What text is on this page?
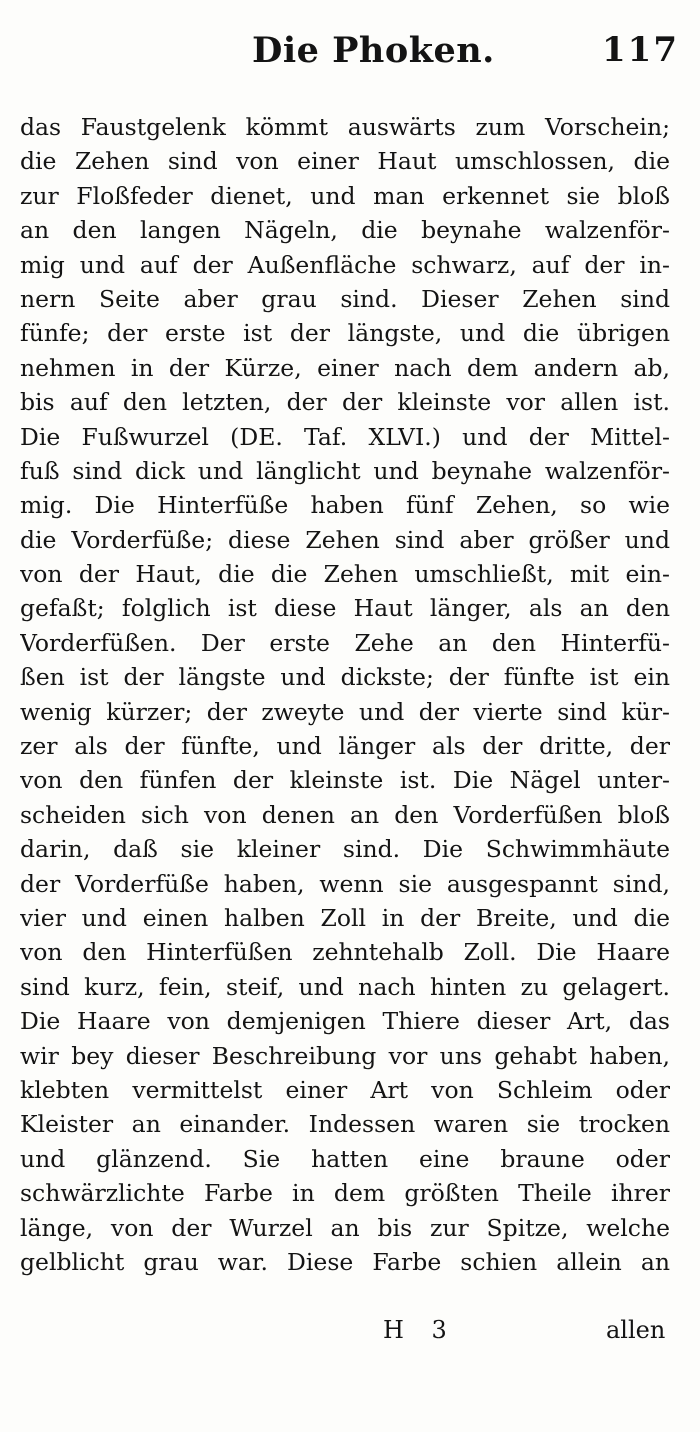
Die Phoken.	117
das Faustgelenk kömmt auswärts zum Vorschein;
die Zehen sind von einer Haut umschlossen, die
zur Floßfeder dienet, und man erkennet sie bloß
an den langen Nägeln, die beynahe walzenför-
mig und auf der Außenfläche schwarz, auf der in-
nern Seite aber grau sind. Dieser Zehen sind
fünfe; der erste ist der längste, und die übrigen
nehmen in der Kürze, einer nach dem andern ab,
bis auf den letzten, der der kleinste vor allen ist.
Die Fußwurzel (DE. Taf. XLVI.) und der Mittel-
fuß sind dick und länglicht und beynahe walzenför-
mig. Die Hinterfüße haben fünf Zehen, so wie
die Vorderfüße; diese Zehen sind aber größer und
von der Haut, die die Zehen umschließt, mit ein-
gefaßt; folglich ist diese Haut länger, als an den
Vorderfüßen. Der erste Zehe an den Hinterfü-
ßen ist der längste und dickste; der fünfte ist ein
wenig kürzer; der zweyte und der vierte sind kür-
zer als der fünfte, und länger als der dritte, der
von den fünfen der kleinste ist. Die Nägel unter-
scheiden sich von denen an den Vorderfüßen bloß
darin, daß sie kleiner sind. Die Schwimmhäute
der Vorderfüße haben, wenn sie ausgespannt sind,
vier und einen halben Zoll in der Breite, und die
von den Hinterfüßen zehntehalb Zoll. Die Haare
sind kurz, fein, steif, und nach hinten zu gelagert.
Die Haare von demjenigen Thiere dieser Art, das
wir bey dieser Beschreibung vor uns gehabt haben,
klebten vermittelst einer Art von Schleim oder
Kleister an einander. Indessen waren sie trocken
und glänzend. Sie hatten eine braune oder
schwärzlichte Farbe in dem größten Theile ihrer
länge, von der Wurzel an bis zur Spitze, welche
gelblicht grau war. Diese Farbe schien allein an
H 3	allen
